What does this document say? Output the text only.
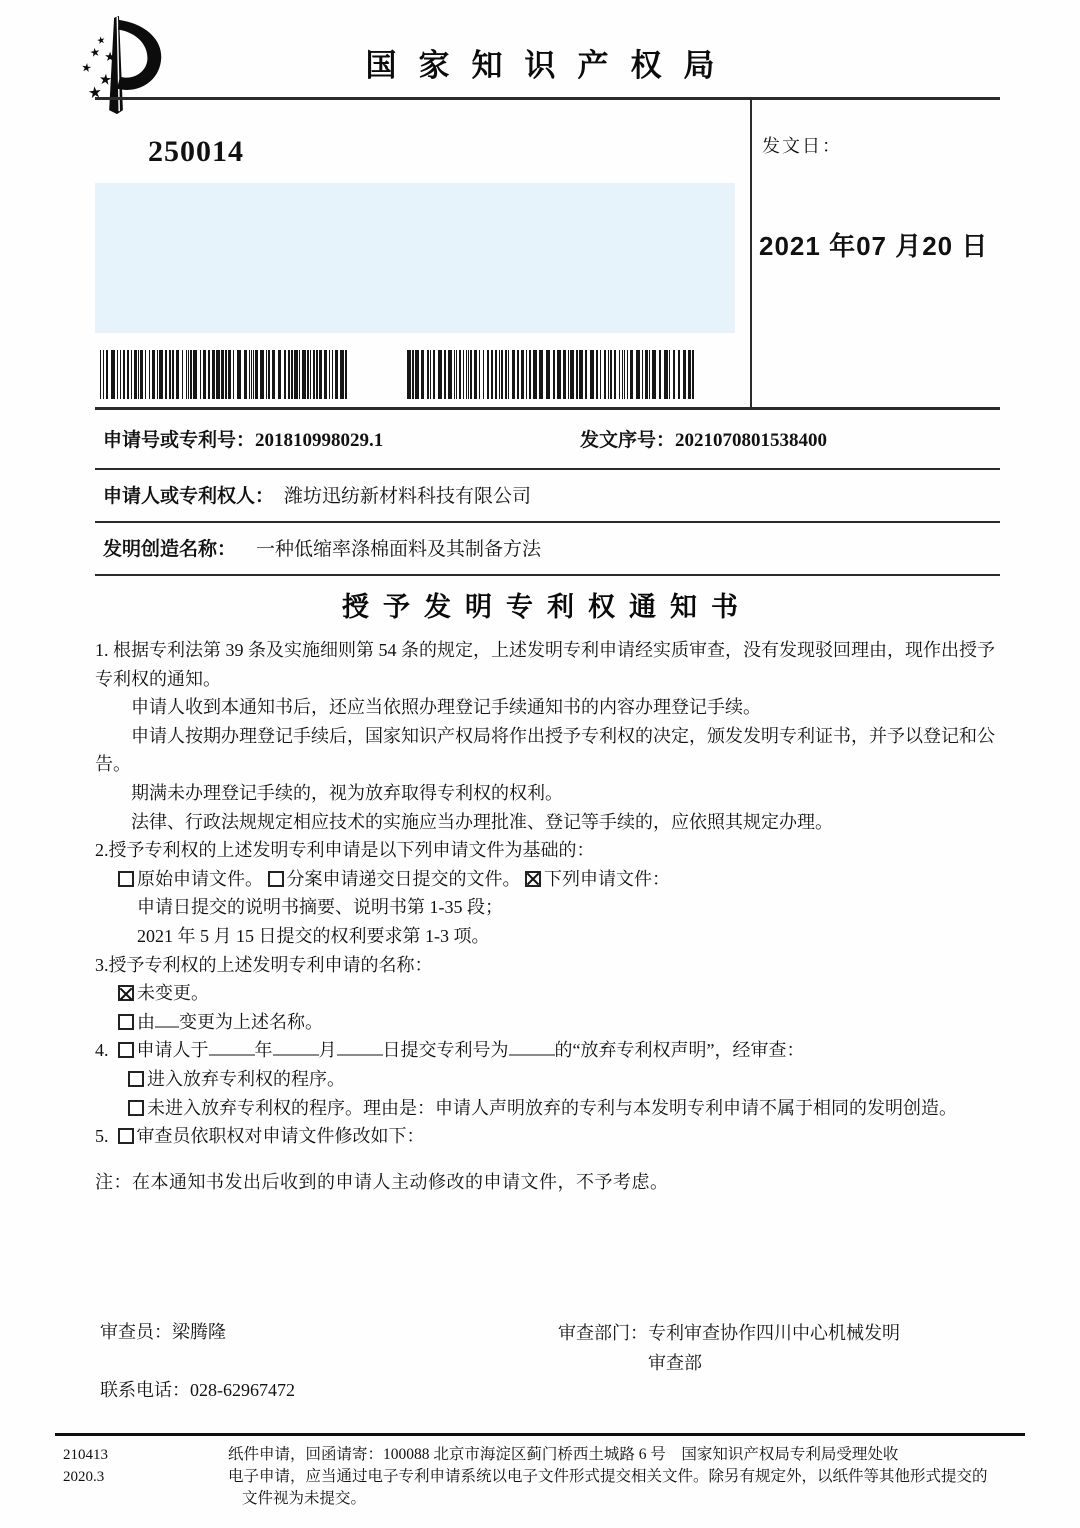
★
★ ★
★
★
★
国家知识产权局
250014	发文日：
2021 年07 月20 日
申请号或专利号：201810998029.1	发文序号：2021070801538400
申请人或专利权人： 潍坊迅纺新材料科技有限公司
发明创造名称： 一种低缩率涤棉面料及其制备方法
授予发明专利权通知书
1. 根据专利法第 39 条及实施细则第 54 条的规定，上述发明专利申请经实质审查，没有发现驳回理由，现作出授予专利权的通知。
申请人收到本通知书后，还应当依照办理登记手续通知书的内容办理登记手续。
申请人按期办理登记手续后，国家知识产权局将作出授予专利权的决定，颁发发明专利证书，并予以登记和公告。
期满未办理登记手续的，视为放弃取得专利权的权利。
法律、行政法规规定相应技术的实施应当办理批准、登记等手续的，应依照其规定办理。
2.授予专利权的上述发明专利申请是以下列申请文件为基础的：
原始申请文件。 分案申请递交日提交的文件。 下列申请文件：
申请日提交的说明书摘要、说明书第 1-35 段；
2021 年 5 月 15 日提交的权利要求第 1-3 项。
3.授予专利权的上述发明专利申请的名称：
未变更。
由 变更为上述名称。
4. 申请人于	年	月	日提交专利号为	的“放弃专利权声明”，经审查：
进入放弃专利权的程序。
未进入放弃专利权的程序。理由是：申请人声明放弃的专利与本发明专利申请不属于相同的发明创造。
5. 审查员依职权对申请文件修改如下：
注：在本通知书发出后收到的申请人主动修改的申请文件，不予考虑。
审查员：梁腾隆	审查部门：专利审查协作四川中心机械发明
审查部
联系电话：028-62967472
210413
2020.3
纸件申请，回函请寄：100088 北京市海淀区蓟门桥西土城路 6 号　国家知识产权局专利局受理处收
电子申请，应当通过电子专利申请系统以电子文件形式提交相关文件。除另有规定外，以纸件等其他形式提交的
文件视为未提交。
